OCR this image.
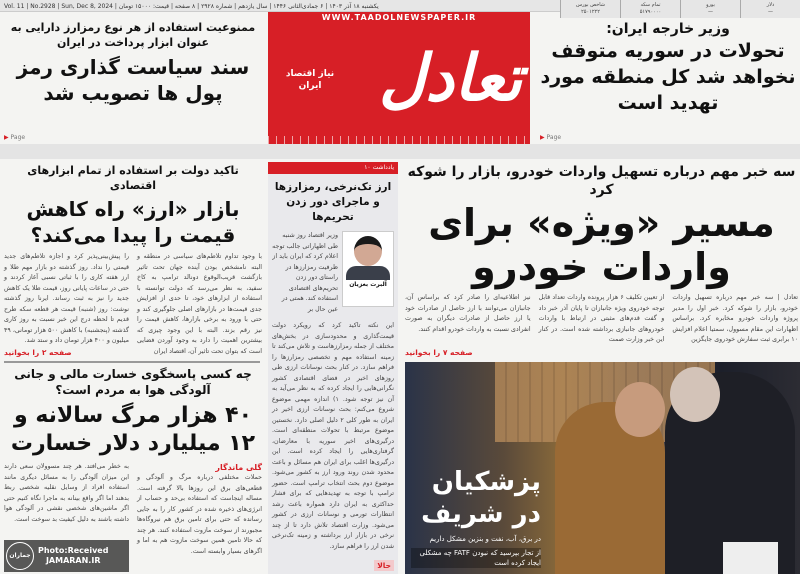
Vol. 11 | No.2928 | Sun, Dec 8, 2024 | یکشنبه ۱۸ آذر ۱۴۰۳ | ۶ جمادی‌الثانی ۱۴۴۶ | سال یازدهم | شماره ۲۹۲۸ | ۸ صفحه | قیمت: ۱۵۰۰۰ تومان	دلار
—
یورو
—
تمام سکه
۵۱۷۹۰۰۰۰
شاخص بورس
۲۵۰۱۲۲۲
WWW.TAADOLNEWSPAPER.IR
تعادل
نیاز اقتصاد ایران
ممنوعیت استفاده از هر نوع رمزارز دارایی به عنوان ابزار پرداخت در ایران
سند سیاست گذاری رمز پول ها تصویب شد
▶ Page
وزیر خارجه ایران:
تحولات در سوریه متوقف نخواهد شد کل منطقه مورد تهدید است
▶ Page
تاکید دولت بر استفاده از تمام ابزارهای اقتصادی
بازار «ارز» راه کاهش قیمت را پیدا می‌کند؟
با وجود تداوم تلاطم‌های سیاسی در منطقه و البته نامشخص بودن آینده جهان تحت تاثیر بازگشت قریب‌الوقوع دونالد ترامپ به کاخ سفید، به نظر می‌رسد که دولت توانسته با استفاده از ابزارهای خود، تا حدی از افزایش جدی قیمت‌ها در بازارهای اصلی جلوگیری کند و حتی با ورود به برخی بازارها، کاهش قیمت را نیز رقم بزند. البته با این وجود چیزی که بیشترین اهمیت را دارد به وجود آوردن فضایی است که بتوان تحت تاثیر آن، اقتصاد ایران
را پیش‌بینی‌پذیر کرد و اجازه تلاطم‌های جدید قیمتی را نداد. روز گذشته دو بازار مهم طلا و ارز هفته کاری را با ثباتی نسبی آغاز کردند و حتی در ساعات پایانی روز، قیمت طلا یک کاهش جدید را نیز به ثبت رساند. ایرنا روز گذشته نوشت: روز (شنبه) قیمت هر قطعه سکه طرح قدیم تا لحظه درج این خبر نسبت به روز کاری گذشته (پنجشنبه) با کاهش ۵۰۰ هزار تومانی، ۴۹ میلیون و ۴۰۰ هزار تومان داد و ستد شد.
صفحه ۲ را بخوانید
یادداشت ۱۰
ارز تک‌نرخی، رمزارزها و ماجرای دور زدن تحریم‌ها
آلبرت بغزیان
وزیر اقتصاد روز شنبه طی اظهاراتی جالب توجه اعلام کرد که ایران باید از ظرفیت رمزارزها در راستای دور زدن تحریم‌های اقتصادی استفاده کند. همتی در عین حال بر
این نکته تاکید کرد که رویکرد دولت قیمت‌گذاری و محدودسازی در بخش‌های مختلف از جمله رمزارزهاست و تلاش می‌کند تا زمینه استفاده مهم و تخصصی رمزارزها را فراهم سازد. در کنار بحث نوسانات ارزی طی روزهای اخیر در فضای اقتصادی کشور نگرانی‌هایی را ایجاد کرده که به نظر می‌آید به آن نیز توجه شود. ۱) اندازه مهمی موضوع شروع می‌کنم: بحث نوسانات ارزی اخیر در ایران به طور کلی ۲ دلیل اصلی دارد. نخستین موضوع مرتبط با تحولات منطقه‌ای است. درگیری‌های اخیر سوریه با معارضان، گرفتاری‌هایی را ایجاد کرده است. این درگیری‌ها اغلب برای ایران هم مسائل و باعث محدود شدن روند ورود ارز به کشور می‌شود. موضوع دوم بحث انتخاب ترامپ است. حضور ترامپ با توجه به تهدیدهایی که برای فشار حداکثری به ایران دارد همواره باعث رشد انتظارات تورمی و نوسانات ارزی در کشور می‌شود. وزارت اقتصاد تلاش دارد تا از چند نرخی در بازار ارز برداشته و زمینه تک‌نرخی شدن ارز را فراهم سازد.
حالا
سه خبر مهم درباره تسهیل واردات خودرو، بازار را شوکه کرد
مسیر «ویژه» برای واردات خودرو
تعادل | سه خبر مهم درباره تسهیل واردات خودرو، بازار را شوکه کرد. خبر اول را مدیر پروژه واردات خودرو مخابره کرد. براساس اظهارات این مقام مسوول، سمتیا اعلام افزایش ۱۰ برابری ثبت سفارش خودروی جایگزین
از تعیین تکلیف ۶ هزار پرونده واردات تعداد قابل توجه خودروی ویژه جانبازان تا پایان آذر خبر داد و گفت قدم‌های مثبتی در ارتباط با واردات خودروهای جانبازی برداشته شده است. در کنار این خبر وزارت صمت
نیز اطلاعیه‌ای را صادر کرد که براساس آن، جانبازان می‌توانند با ارز حاصل از صادرات خود یا ارز حاصل از صادرات دیگران به صورت انفرادی نسبت به واردات خودرو اقدام کنند.
صفحه ۷ را بخوانید
پزشکیان در شریف
در برق، آب، نفت و بنزین مشکل داریم
از تجار بپرسید که نبودن FATF چه مشکلی ایجاد کرده است
چه کسی پاسخگوی خسارت مالی و جانی آلودگی هوا به مردم است؟
۴۰ هزار مرگ سالانه و ۱۲ میلیارد دلار خسارت
گلی ماندگار
حملات مختلفی درباره مرگ و آلودگی و قطعی‌های برق این روزها بالا گرفته است. مساله اینجاست که استفاده بی‌حد و حساب از انرژی‌های ذخیره شده در کشور کار را به جایی رسانده که حتی برای تامین برق هم نیروگاه‌ها مجبورند از سوخت مازوت استفاده کنند. هر چند که حالا تامین همین سوخت مازوت هم به اما و اگرهای بسیار وابسته است.
به خطر می‌افتد. هر چند مسوولان سعی دارند این میزان آلودگی را به مسائل دیگری مانند استفاده افراد از وسایل نقلیه شخصی ربط بدهند اما اگر واقع بینانه به ماجرا نگاه کنیم حتی اگر ماشین‌های شخصی نقشی در آلودگی هوا داشته باشند به دلیل کیفیت بد سوخت است.
جماران
Photo:Received
JAMARAN.IR
